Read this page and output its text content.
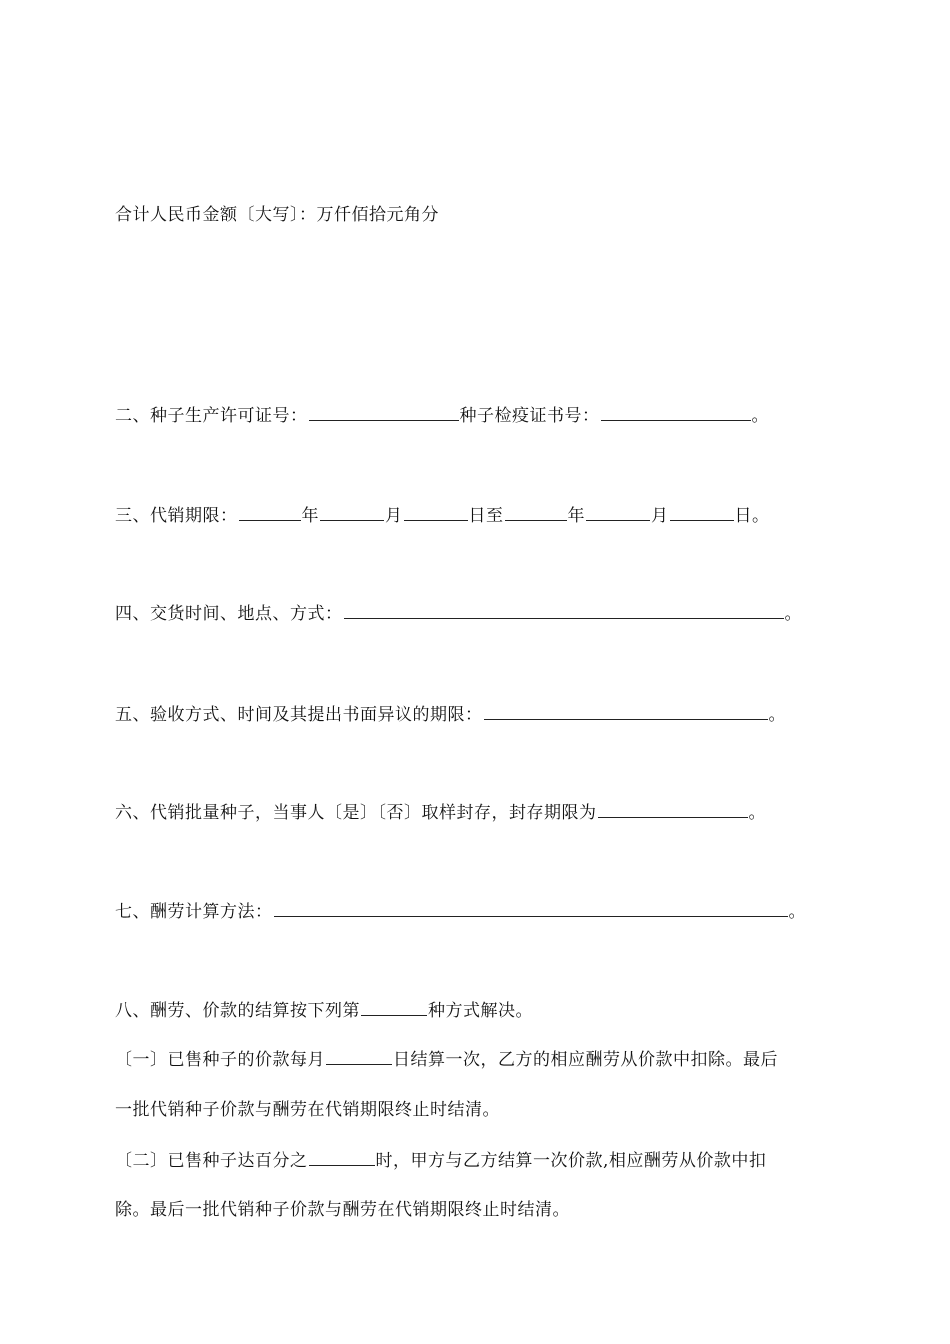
合计人民币金额〔大写〕：万仟佰拾元角分
二、种子生产许可证号：	种子检疫证书号：	。
三、代销期限：	年	月	日至	年	月	日。
四、交货时间、地点、方式：	。
五、验收方式、时间及其提出书面异议的期限：	。
六、代销批量种子，当事人〔是〕〔否〕取样封存，封存期限为	。
七、酬劳计算方法：	。
八、酬劳、价款的结算按下列第	种方式解决。
〔一〕已售种子的价款每月	日结算一次，乙方的相应酬劳从价款中扣除。最后
一批代销种子价款与酬劳在代销期限终止时结清。
〔二〕已售种子达百分之	时，甲方与乙方结算一次价款,相应酬劳从价款中扣
除。最后一批代销种子价款与酬劳在代销期限终止时结清。
